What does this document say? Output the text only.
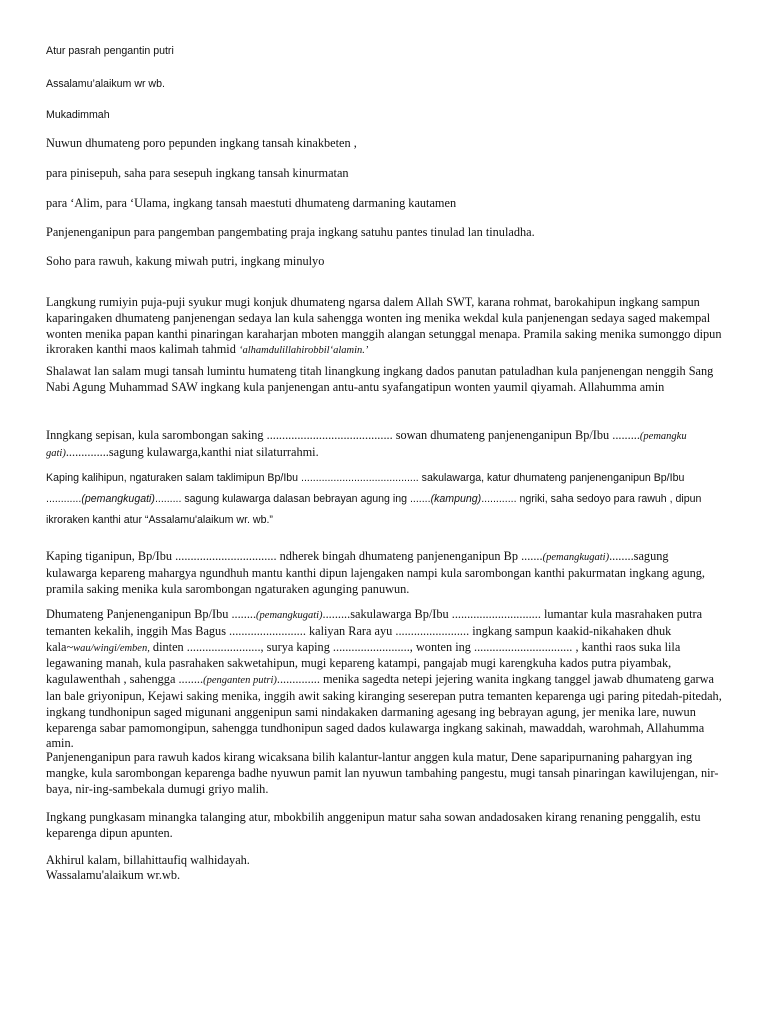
Atur pasrah pengantin putri
Assalamu’alaikum wr wb.
Mukadimmah
Nuwun dhumateng poro pepunden ingkang tansah kinakbeten ,
para pinisepuh, saha para sesepuh ingkang tansah kinurmatan
para ‘Alim, para ‘Ulama, ingkang tansah maestuti dhumateng darmaning kautamen
Panjenenganipun para pangemban pangembating praja ingkang satuhu pantes tinulad lan tinuladha.
Soho para rawuh, kakung miwah putri, ingkang minulyo
Langkung rumiyin puja-puji syukur mugi konjuk dhumateng ngarsa dalem Allah SWT, karana rohmat, barokahipun ingkang sampun kaparingaken dhumateng panjenengan sedaya lan kula sahengga wonten ing menika wekdal kula panjenengan sedaya saged makempal wonten menika papan kanthi pinaringan karaharjan mboten manggih alangan setunggal menapa. Pramila saking menika sumonggo dipun ikroraken kanthi maos kalimah tahmid ‘alhamdulillahirobbil‘alamin.’
Shalawat lan salam mugi tansah lumintu humateng titah linangkung ingkang dados panutan patuladhan kula panjenengan nenggih Sang Nabi Agung Muhammad SAW ingkang kula panjenengan antu-antu syafangatipun wonten yaumil qiyamah. Allahumma amin
Inngkang sepisan, kula sarombongan saking ......................................... sowan dhumateng panjenenganipun Bp/Ibu .........(pemangku gati)..............sagung kulawarga,kanthi niat silaturrahmi.
Kaping kalihipun, ngaturaken salam taklimipun Bp/Ibu ........................................ sakulawarga, katur dhumateng panjenenganipun Bp/Ibu ............(pemangkugati)......... sagung kulawarga dalasan bebrayan agung ing .......(kampung)............ ngriki, saha sedoyo para rawuh , dipun ikroraken kanthi atur “Assalamu'alaikum wr. wb.”
Kaping tiganipun, Bp/Ibu ................................. ndherek bingah dhumateng panjenenganipun Bp .......(pemangkugati)........sagung kulawarga kepareng mahargya ngundhuh mantu kanthi dipun lajengaken nampi kula sarombongan kanthi pakurmatan ingkang agung, pramila saking menika kula sarombongan ngaturaken agunging panuwun.
Dhumateng Panjenenganipun Bp/Ibu ........(pemangkugati).........sakulawarga Bp/Ibu ............................. lumantar kula masrahaken putra temanten kekalih, inggih Mas Bagus ......................... kaliyan Rara ayu ........................ ingkang sampun kaakid-nikahaken dhuk kala~wau/wingi/emben, dinten ........................, surya kaping ........................., wonten ing ................................ , kanthi raos suka lila legawaning manah, kula pasrahaken sakwetahipun, mugi kepareng katampi, pangajab mugi karengkuha kados putra piyambak, kagulawenthah , sahengga ........(penganten putri).............. menika sagedta netepi jejering wanita ingkang tanggel jawab dhumateng garwa lan bale griyonipun, Kejawi saking menika, inggih awit saking kiranging seserepan putra temanten keparenga ugi paring pitedah-pitedah, ingkang tundhonipun saged migunani anggenipun sami nindakaken darmaning agesang ing bebrayan agung, jer menika lare, nuwun keparenga sabar pamomongipun, sahengga tundhonipun saged dados kulawarga ingkang sakinah, mawaddah, warohmah, Allahumma amin.
Panjenenganipun para rawuh kados kirang wicaksana bilih kalantur-lantur anggen kula matur, Dene saparipurnaning pahargyan ing mangke, kula sarombongan keparenga badhe nyuwun pamit lan nyuwun tambahing pangestu, mugi tansah pinaringan kawilujengan, nir-baya, nir-ing-sambekala dumugi griyo malih.
Ingkang pungkasam minangka talanging atur, mbokbilih anggenipun matur saha sowan andadosaken kirang renaning penggalih, estu keparenga dipun apunten.
Akhirul kalam, billahittaufiq walhidayah.
Wassalamu'alaikum wr.wb.
